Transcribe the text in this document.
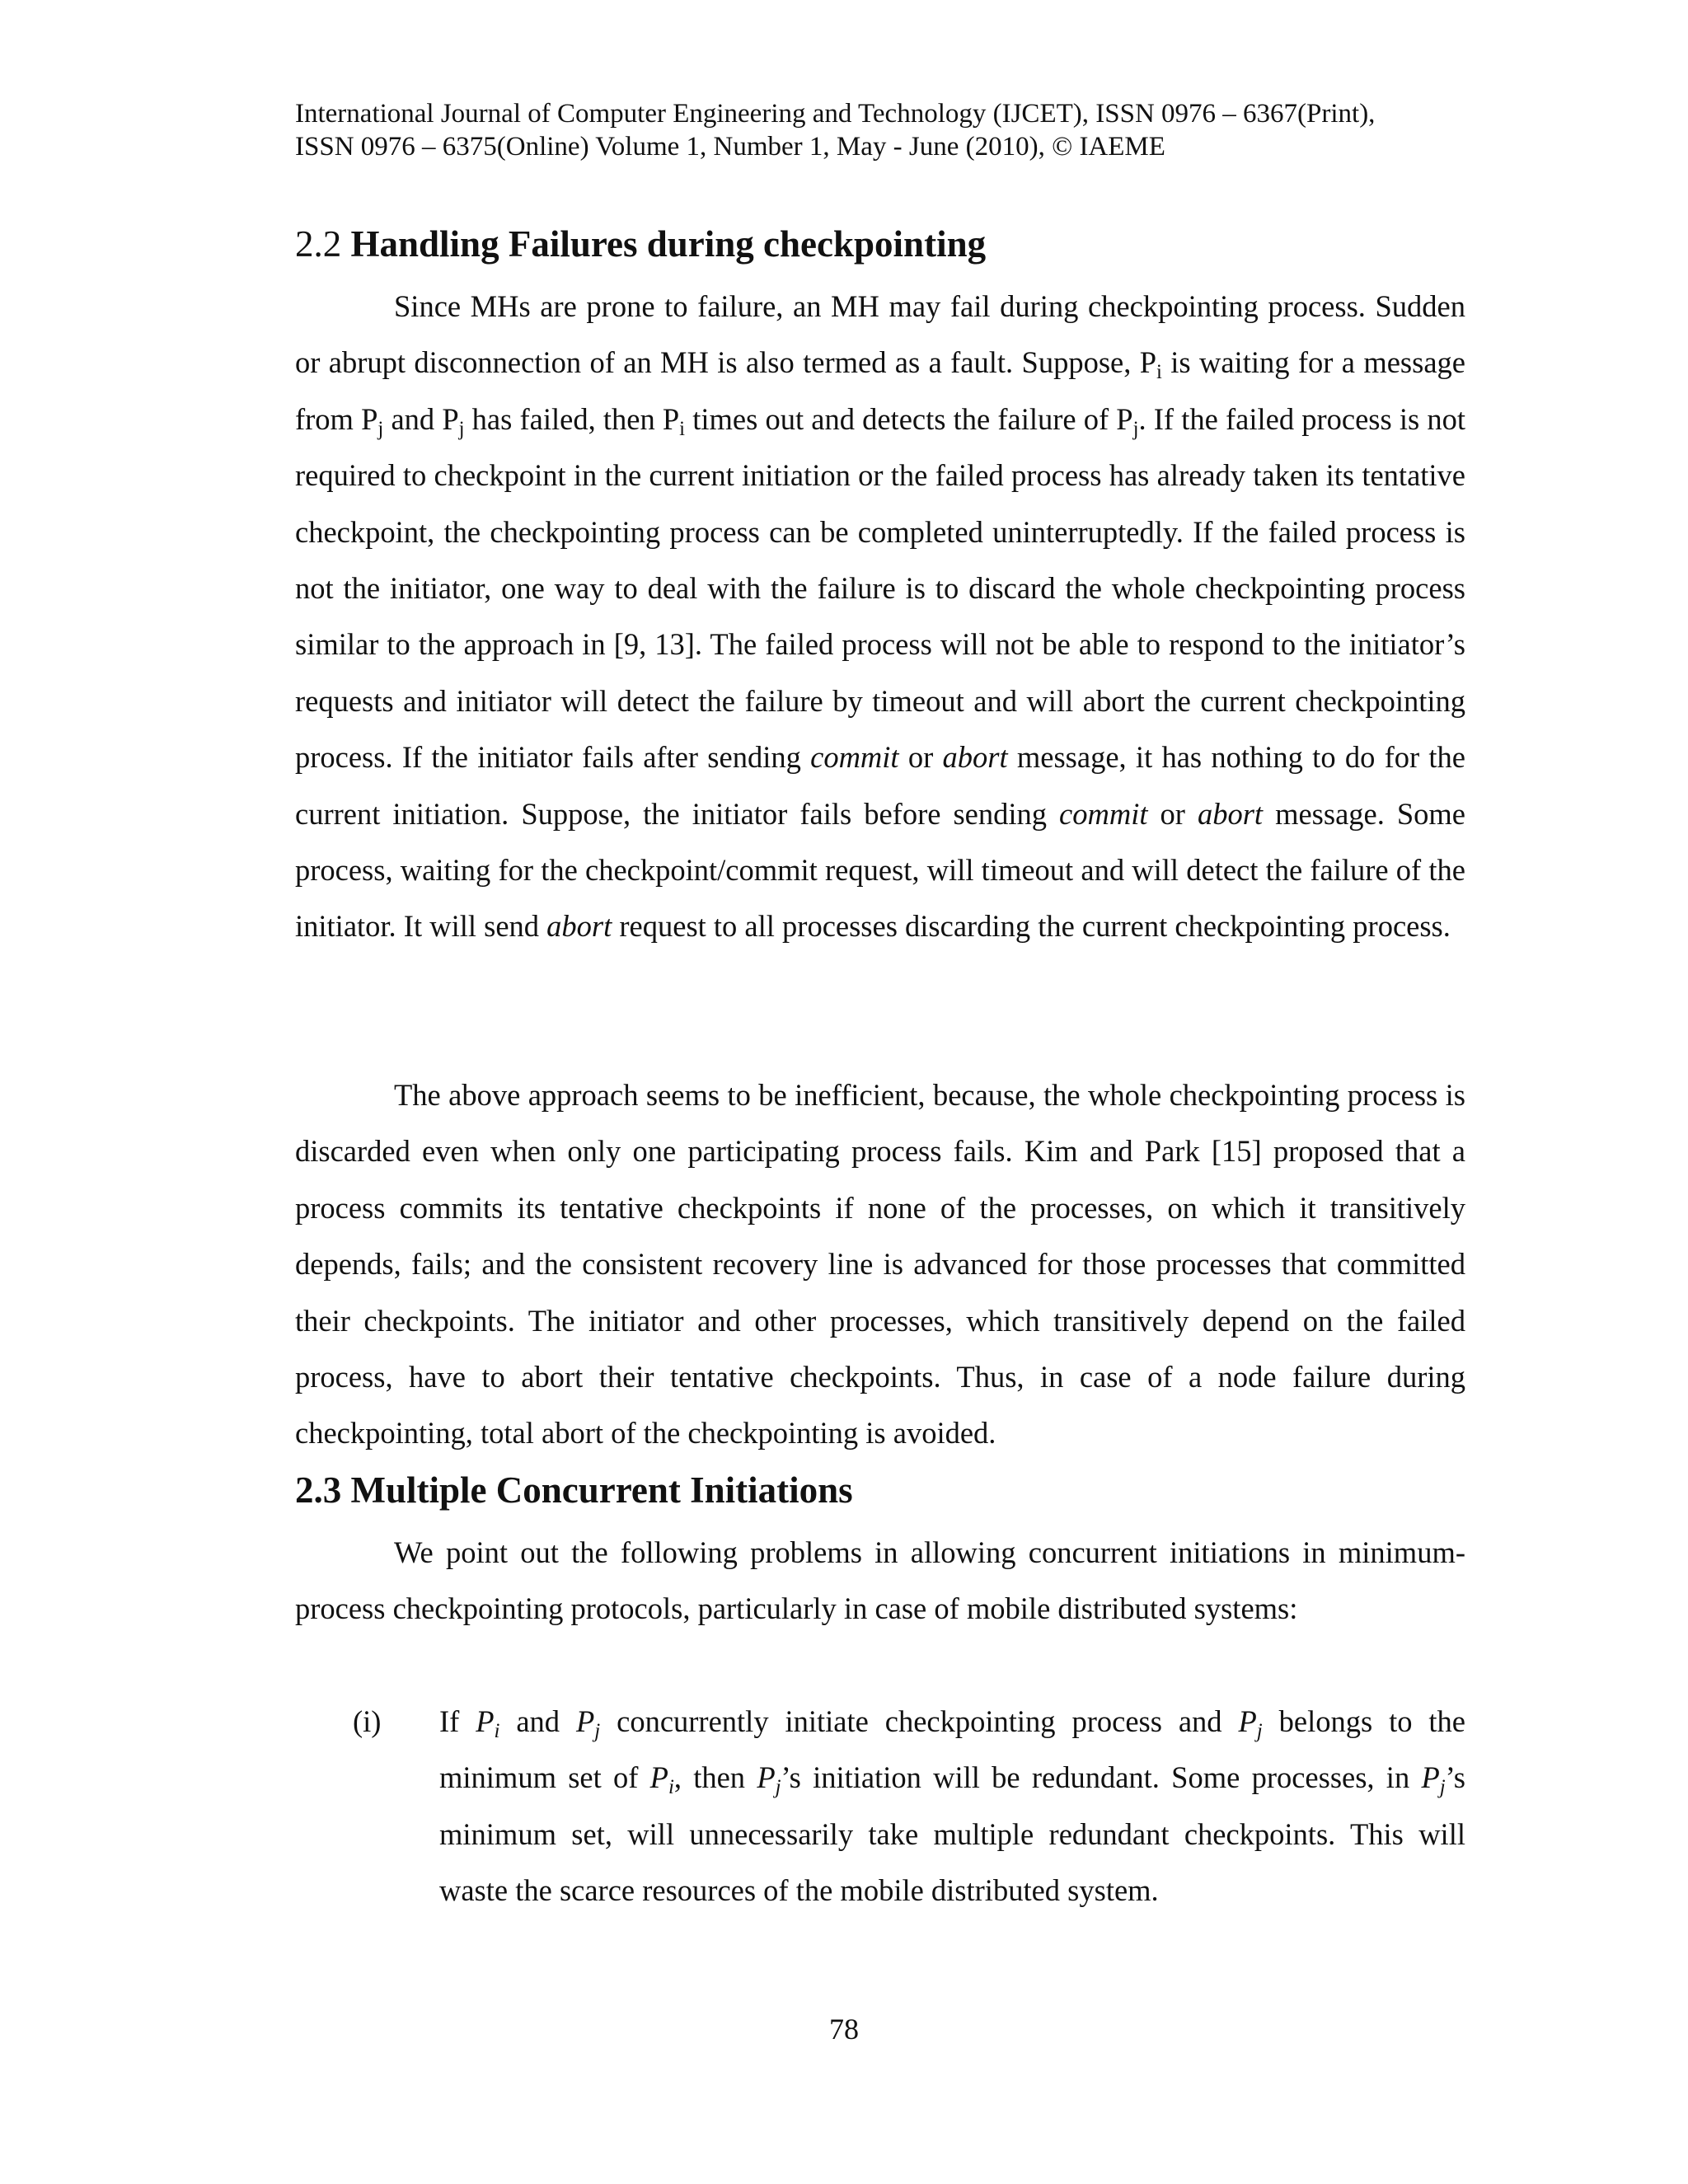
International Journal of Computer Engineering and Technology (IJCET), ISSN 0976 – 6367(Print),
ISSN 0976 – 6375(Online) Volume 1, Number 1, May - June (2010), © IAEME
2.2 Handling Failures during checkpointing

Since MHs are prone to failure, an MH may fail during checkpointing process. Sudden or abrupt disconnection of an MH is also termed as a fault. Suppose, $P_i$ is waiting for a message from $P_j$ and $P_j$ has failed, then $P_i$ times out and detects the failure of $P_j$. If the failed process is not required to checkpoint in the current initiation or the failed process has already taken its tentative checkpoint, the checkpointing process can be completed uninterruptedly. If the failed process is not the initiator, one way to deal with the failure is to discard the whole checkpointing process similar to the approach in [9, 13]. The failed process will not be able to respond to the initiator’s requests and initiator will detect the failure by timeout and will abort the current checkpointing process. If the initiator fails after sending commit or abort message, it has nothing to do for the current initiation. Suppose, the initiator fails before sending commit or abort message. Some process, waiting for the checkpoint/commit request, will timeout and will detect the failure of the initiator. It will send abort request to all processes discarding the current checkpointing process.

The above approach seems to be inefficient, because, the whole checkpointing process is discarded even when only one participating process fails. Kim and Park [15] proposed that a process commits its tentative checkpoints if none of the processes, on which it transitively depends, fails; and the consistent recovery line is advanced for those processes that committed their checkpoints. The initiator and other processes, which transitively depend on the failed process, have to abort their tentative checkpoints. Thus, in case of a node failure during checkpointing, total abort of the checkpointing is avoided.

2.3 Multiple Concurrent Initiations

We point out the following problems in allowing concurrent initiations in minimum-process checkpointing protocols, particularly in case of mobile distributed systems:

(i) If $P_i$ and $P_j$ concurrently initiate checkpointing process and $P_j$ belongs to the minimum set of $P_i$, then $P_j’s$ initiation will be redundant. Some processes, in $P_j’s$ minimum set, will unnecessarily take multiple redundant checkpoints. This will waste the scarce resources of the mobile distributed system.
78
